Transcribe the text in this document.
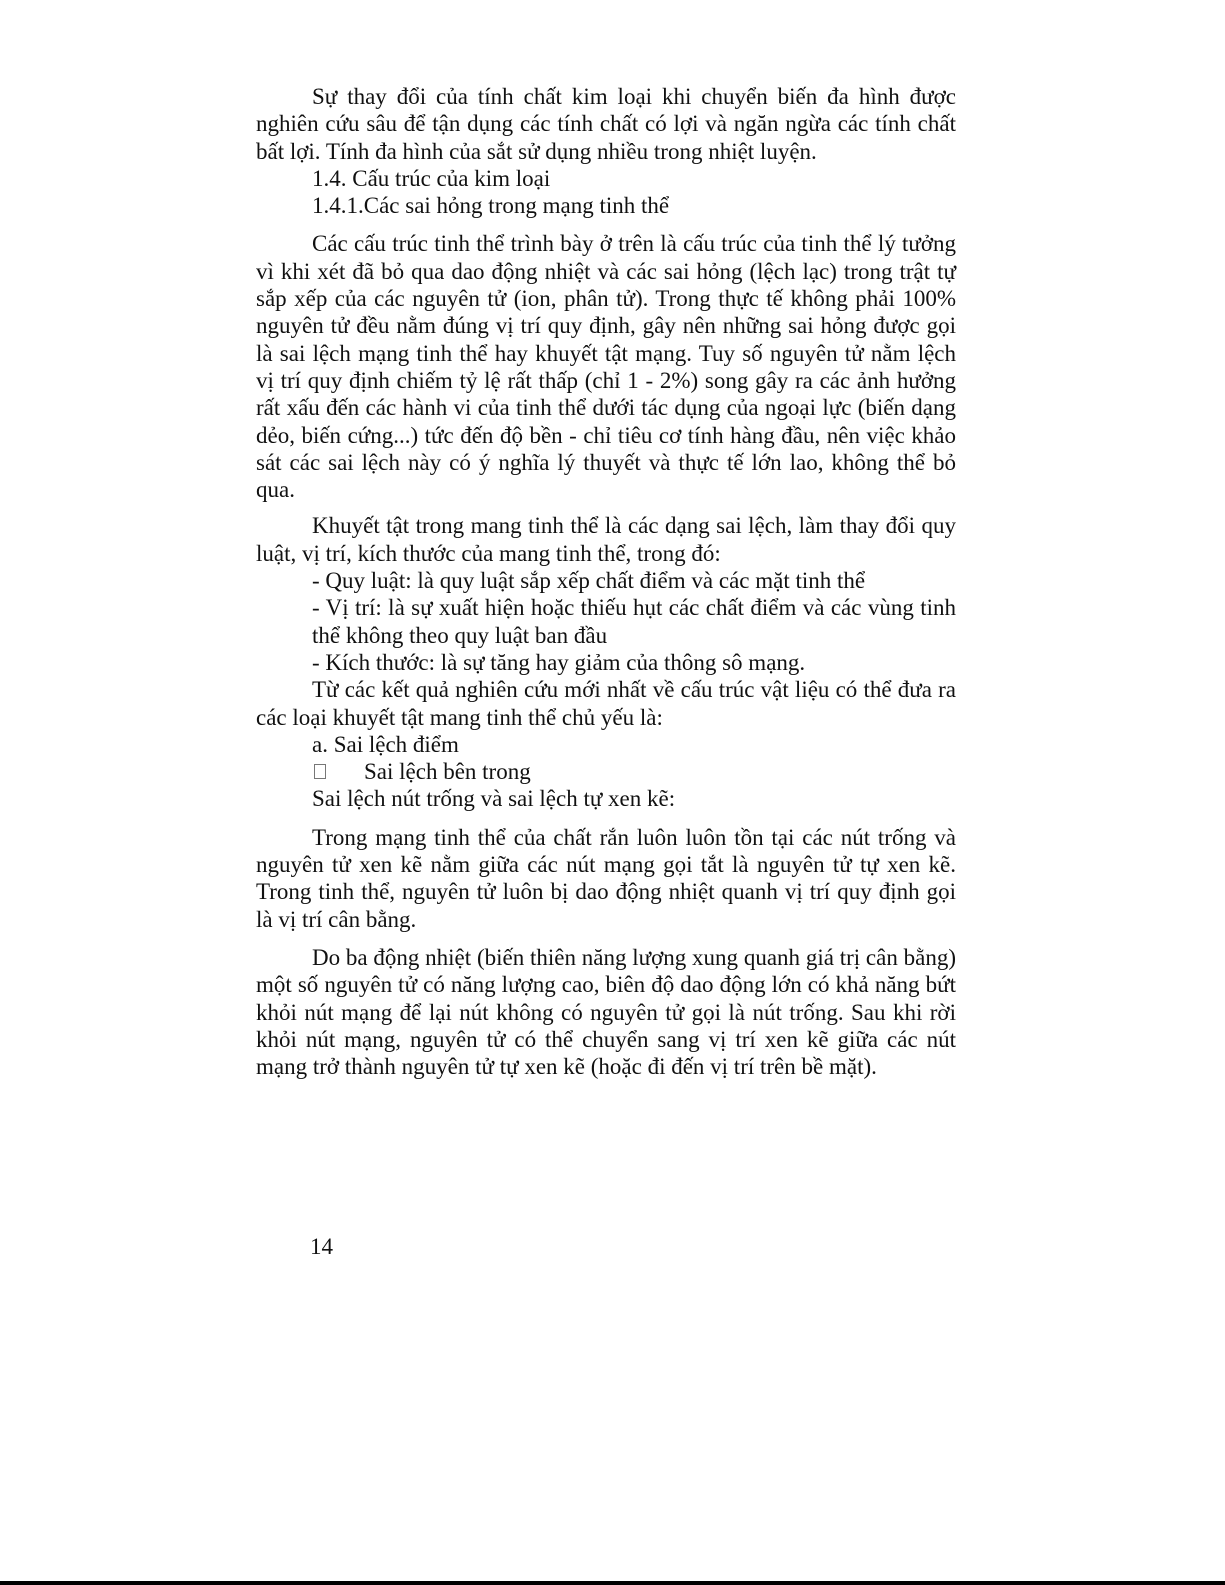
Sự thay đổi của tính chất kim loại khi chuyển biến đa hình được nghiên cứu sâu để tận dụng các tính chất có lợi và ngăn ngừa các tính chất bất lợi. Tính đa hình của sắt sử dụng nhiều trong nhiệt luyện.

1.4. Cấu trúc của kim loại

1.4.1.Các sai hỏng trong mạng tinh thể

Các cấu trúc tinh thể trình bày ở trên là cấu trúc của tinh thể lý tưởng vì khi xét đã bỏ qua dao động nhiệt và các sai hỏng (lệch lạc) trong trật tự sắp xếp của các nguyên tử (ion, phân tử). Trong thực tế không phải 100% nguyên tử đều nằm đúng vị trí quy định, gây nên những sai hỏng được gọi là sai lệch mạng tinh thể hay khuyết tật mạng. Tuy số nguyên tử nằm lệch vị trí quy định chiếm tỷ lệ rất thấp (chỉ 1 - 2%) song gây ra các ảnh hưởng rất xấu đến các hành vi của tinh thể dưới tác dụng của ngoại lực (biến dạng dẻo, biến cứng...) tức đến độ bền - chỉ tiêu cơ tính hàng đầu, nên việc khảo sát các sai lệch này có ý nghĩa lý thuyết và thực tế lớn lao, không thể bỏ qua.

Khuyết tật trong mang tinh thể là các dạng sai lệch, làm thay đổi quy luật, vị trí, kích thước của mang tinh thể, trong đó:

- Quy luật: là quy luật sắp xếp chất điểm và các mặt tinh thể

- Vị trí: là sự xuất hiện hoặc thiếu hụt các chất điểm và các vùng tinh thể không theo quy luật ban đầu

- Kích thước: là sự tăng hay giảm của thông sô mạng.

Từ các kết quả nghiên cứu mới nhất về cấu trúc vật liệu có thể đưa ra các loại khuyết tật mang tinh thể chủ yếu là:

a. Sai lệch điểm

Sai lệch bên trong

Sai lệch nút trống và sai lệch tự xen kẽ:

Trong mạng tinh thể của chất rắn luôn luôn tồn tại các nút trống và nguyên tử xen kẽ nằm giữa các nút mạng gọi tắt là nguyên tử tự xen kẽ. Trong tinh thể, nguyên tử luôn bị dao động nhiệt quanh vị trí quy định gọi là vị trí cân bằng.

Do ba động nhiệt (biến thiên năng lượng xung quanh giá trị cân bằng) một số nguyên tử có năng lượng cao, biên độ dao động lớn có khả năng bứt khỏi nút mạng để lại nút không có nguyên tử gọi là nút trống. Sau khi rời khỏi nút mạng, nguyên tử có thể chuyển sang vị trí xen kẽ giữa các nút mạng trở thành nguyên tử tự xen kẽ (hoặc đi đến vị trí trên bề mặt).

14
